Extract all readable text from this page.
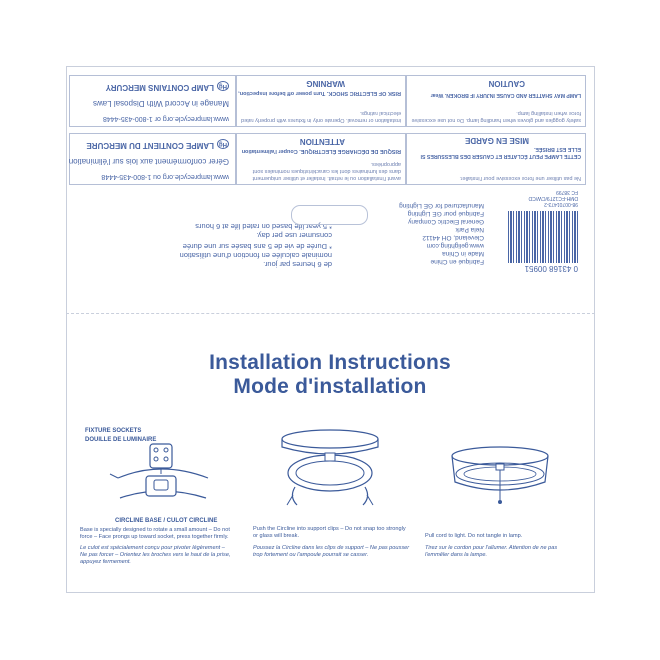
de 6 heures par jour.
nominale calculée en fonction d'une utilisation
* Durée de vie de 5 ans basée sur une durée
consumer use per day.
* 5 year life based on rated life at 6 hours
Fabriqué en Chine
Made in China
www.gelighting.com
Cleveland, OH 44112
Nela Park
General Electric Company
Fabriqué pour GE Lighting
Manufactured for GE Lighting
0 43168 00951
98-00701473-2
DMH-FC12T9/CW/CD
FC 38799
www.lamprecycle.org ou 1-800-435-4448
Gérer conformément aux lois sur l'élimination
HgLAMPE CONTIENT DU MERCURE
www.lamprecycle.org or 1-800-435-4448
Manage in Accord With Disposal Laws
HgLAMP CONTAINS MERCURY
avant l'installation ou le retrait. Installer et utiliser uniquement dans des luminaires dont les caractéristiques nominales sont appropriées.
RISQUE DE DÉCHARGE ÉLECTRIQUE. Couper l'alimentation
ATTENTION
installation or removal. Operate only in fixtures with properly rated electrical ratings.
RISK OF ELECTRIC SHOCK. Turn power off before inspection,
WARNING
Ne pas utiliser une force excessive pour l'installer.
CETTE LAMPE PEUT ÉCLATER ET CAUSER DES BLESSURES SI ELLE EST BRISÉE.
MISE EN GARDE
safety goggles and gloves when handling lamp. Do not use excessive force when installing lamp.
LAMP MAY SHATTER AND CAUSE INJURY IF BROKEN. Wear
CAUTION
Installation Instructions
Mode d'installation
FIXTURE SOCKETS
DOUILLE DE LUMINAIRE
CIRCLINE BASE / CULOT CIRCLINE
Base is specially designed to rotate a small amount – Do not
force – Face prongs up toward socket, press together firmly.
Le culot est spécialement conçu pour pivoter légèrement –
Ne pas forcer – Orientez les broches vers le haut de la prise,
appuyez fermement.
Push the Circline into support clips – Do not snap too strongly
or glass will break.
Poussez la Circline dans les clips de support – Ne pas pousser
trop fortement ou l'ampoule pourrait se casser.
Pull cord to light. Do not tangle in lamp.
Tirez sur le cordon pour l'allumer. Attention de ne pas
l'emmêler dans la lampe.
